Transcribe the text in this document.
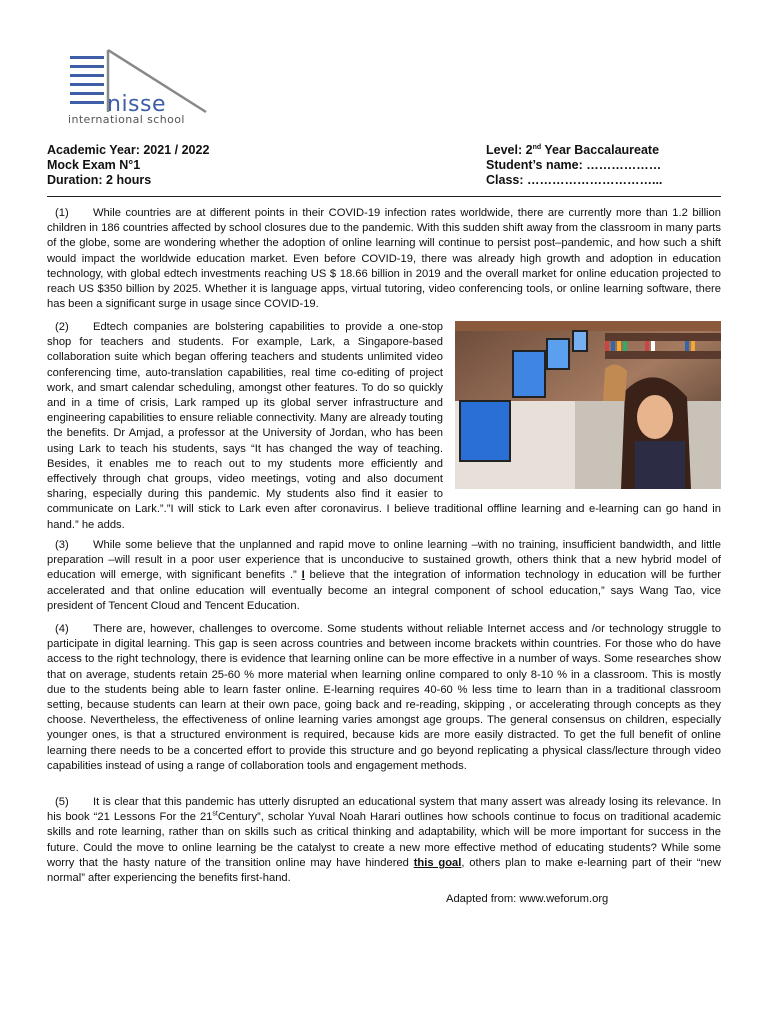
nisse
international school
Academic Year: 2021 / 2022
Mock Exam N°1
Duration: 2 hours
Level: 2nd Year Baccalaureate
Student’s name: ………………
Class: …………………………...

(1) While countries are at different points in their COVID-19 infection rates worldwide, there are currently more than 1.2 billion children in 186 countries affected by school closures due to the pandemic. With this sudden shift away from the classroom in many parts of the globe, some are wondering whether the adoption of online learning will continue to persist post–pandemic, and how such a shift would impact the worldwide education market. Even before COVID-19, there was already high growth and adoption in education technology, with global edtech investments reaching US $ 18.66 billion in 2019 and the overall market for online education projected to reach US $350 billion by 2025. Whether it is language apps, virtual tutoring, video conferencing tools, or online learning software, there has been a significant surge in usage since COVID-19.

(2) Edtech companies are bolstering capabilities to provide a one-stop shop for teachers and students. For example, Lark, a Singapore-based collaboration suite which began offering teachers and students unlimited video conferencing time, auto-translation capabilities, real time co-editing of project work, and smart calendar scheduling, amongst other features. To do so quickly and in a time of crisis, Lark ramped up its global server infrastructure and engineering capabilities to ensure reliable connectivity. Many are already touting the benefits. Dr Amjad, a professor at the University of Jordan, who has been using Lark to teach his students, says “It has changed the way of teaching. Besides, it enables me to reach out to my students more efficiently and effectively through chat groups, video meetings, voting and also document sharing, especially during this pandemic. My students also find it easier to communicate on Lark.”.”I will stick to Lark even after coronavirus. I believe traditional offline learning and e-learning can go hand in hand.” he adds.

(3) While some believe that the unplanned and rapid move to online learning –with no training, insufficient bandwidth, and little preparation –will result in a poor user experience that is unconducive to sustained growth, others think that a new hybrid model of education will emerge, with significant benefits .” I believe that the integration of information technology in education will be further accelerated and that online education will eventually become an integral component of school education,” says Wang Tao, vice president of Tencent Cloud and Tencent Education.

(4) There are, however, challenges to overcome. Some students without reliable Internet access and /or technology struggle to participate in digital learning. This gap is seen across countries and between income brackets within countries. For those who do have access to the right technology, there is evidence that learning online can be more effective in a number of ways. Some researches show that on average, students retain 25-60 % more material when learning online compared to only 8-10 % in a classroom. This is mostly due to the students being able to learn faster online. E-learning requires 40-60 % less time to learn than in a traditional classroom setting, because students can learn at their own pace, going back and re-reading, skipping , or accelerating through concepts as they choose. Nevertheless, the effectiveness of online learning varies amongst age groups. The general consensus on children, especially younger ones, is that a structured environment is required, because kids are more easily distracted. To get the full benefit of online learning there needs to be a concerted effort to provide this structure and go beyond replicating a physical class/lecture through video capabilities instead of using a range of collaboration tools and engagement methods.

(5) It is clear that this pandemic has utterly disrupted an educational system that many assert was already losing its relevance. In his book “21 Lessons For the 21stCentury”, scholar Yuval Noah Harari outlines how schools continue to focus on traditional academic skills and rote learning, rather than on skills such as critical thinking and adaptability, which will be more important for success in the future. Could the move to online learning be the catalyst to create a new more effective method of educating students? While some worry that the hasty nature of the transition online may have hindered this goal, others plan to make e-learning part of their “new normal” after experiencing the benefits first-hand.

Adapted from: www.weforum.org
